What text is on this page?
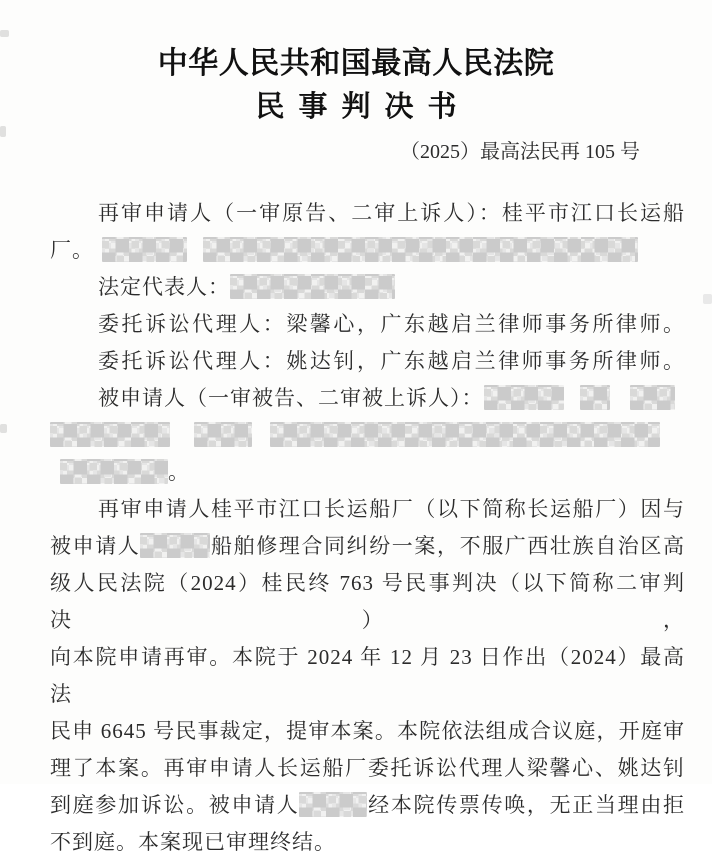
中华人民共和国最高人民法院
民事判决书
（2025）最高法民再 105 号
再审申请人（一审原告、二审上诉人）：桂平市江口长运船
厂。
法定代表人：
委托诉讼代理人：梁馨心，广东越启兰律师事务所律师。
委托诉讼代理人：姚达钊，广东越启兰律师事务所律师。
被申请人（一审被告、二审被上诉人）：
。
再审申请人桂平市江口长运船厂（以下简称长运船厂）因与
被申请人	船舶修理合同纠纷一案，不服广西壮族自治区高
级人民法院（2024）桂民终 763 号民事判决（以下简称二审判决），
向本院申请再审。本院于 2024 年 12 月 23 日作出（2024）最高法
民申 6645 号民事裁定，提审本案。本院依法组成合议庭，开庭审
理了本案。再审申请人长运船厂委托诉讼代理人梁馨心、姚达钊
到庭参加诉讼。被申请人	经本院传票传唤，无正当理由拒
不到庭。本案现已审理终结。
